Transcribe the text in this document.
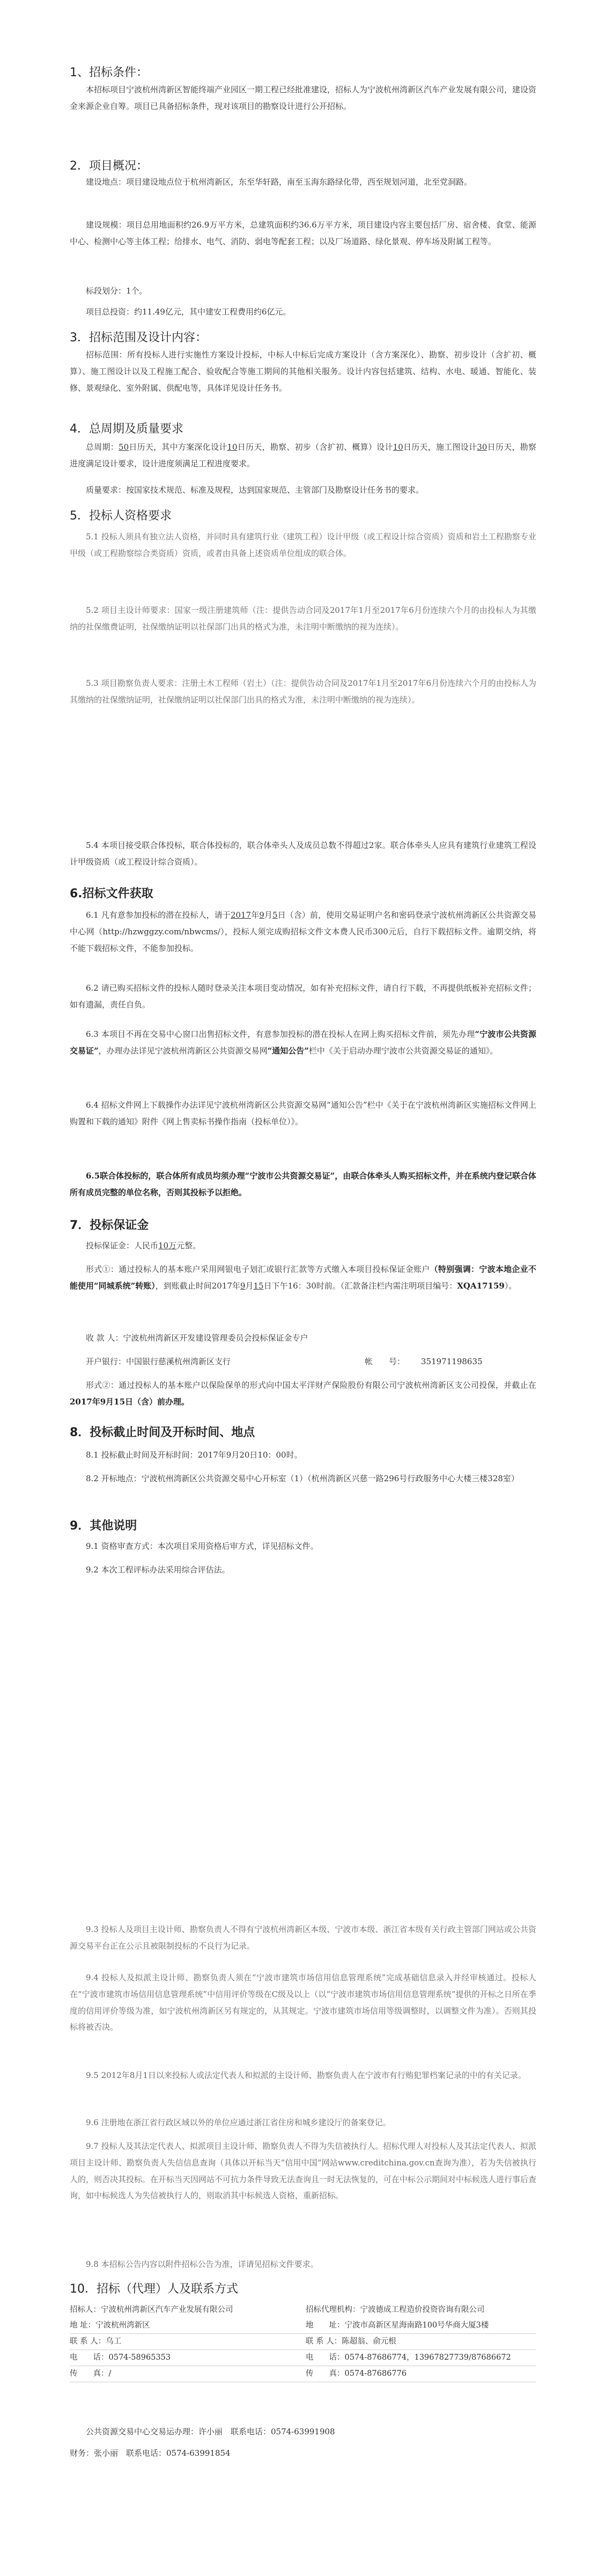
1、招标条件：

本招标项目宁波杭州湾新区智能终端产业园区一期工程已经批准建设，招标人为宁波杭州湾新区汽车产业发展有限公司，建设资金来源企业自筹。项目已具备招标条件，现对该项目的勘察设计进行公开招标。

2．项目概况：

建设地点：项目建设地点位于杭州湾新区，东至华轩路，南至玉海东路绿化带，西至规划河道，北至党洞路。

建设规模：项目总用地面积约26.9万平方米，总建筑面积约36.6万平方米，项目建设内容主要包括厂房、宿舍楼、食堂、能源中心、检测中心等主体工程；给排水、电气、消防、弱电等配套工程；以及厂场道路、绿化景观、停车场及附属工程等。

标段划分：1个。

项目总投资：约11.49亿元，其中建安工程费用约6亿元。

3．招标范围及设计内容：

招标范围：所有投标人进行实施性方案设计投标，中标人中标后完成方案设计（含方案深化）、勘察、初步设计（含扩初、概算）、施工图设计以及工程施工配合、验收配合等施工期间的其他相关服务。设计内容包括建筑、结构、水电、暖通、智能化、装修、景观绿化、室外附属、供配电等，具体详见设计任务书。

4．总周期及质量要求

总周期：50日历天，其中方案深化设计10日历天，勘察、初步（含扩初、概算）设计10日历天，施工图设计30日历天，勘察进度满足设计要求，设计进度须满足工程进度要求。

质量要求：按国家技术规范、标准及规程，达到国家规范、主管部门及勘察设计任务书的要求。

5．投标人资格要求

5.1 投标人须具有独立法人资格，并同时具有建筑行业（建筑工程）设计甲级（或工程设计综合资质）资质和岩土工程勘察专业甲级（或工程勘察综合类资质）资质，或者由具备上述资质单位组成的联合体。

5.2 项目主设计师要求：国家一级注册建筑师（注：提供告动合同及2017年1月至2017年6月份连续六个月的由投标人为其缴纳的社保缴费证明，社保缴纳证明以社保部门出具的格式为准，未注明中断缴纳的视为连续）。

5.3 项目勘察负责人要求：注册土木工程师（岩土）（注：提供告动合同及2017年1月至2017年6月份连续六个月的由投标人为其缴纳的社保缴纳证明，社保缴纳证明以社保部门出具的格式为准，未注明中断缴纳的视为连续）。

5.4 本项目接受联合体投标，联合体投标的，联合体牵头人及成员总数不得超过2家。联合体牵头人应具有建筑行业建筑工程设计甲级资质（或工程设计综合资质）。

6.招标文件获取

6.1 凡有意参加投标的潜在投标人，请于2017年9月5日（含）前，使用交易证明户名和密码登录宁波杭州湾新区公共资源交易中心网（http://hzwggzy.com/nbwcms/），投标人须完成购招标文件文本费人民币300元后，自行下载招标文件。逾期交纳，将不能下载招标文件，不能参加投标。

6.2 请已购买招标文件的投标人随时登录关注本项目变动情况，如有补充招标文件，请自行下载，不再提供纸板补充招标文件；如有遗漏，责任自负。

6.3 本项目不再在交易中心窗口出售招标文件，有意参加投标的潜在投标人在网上购买招标文件前，须先办理“宁波市公共资源交易证”，办理办法详见宁波杭州湾新区公共资源交易网“通知公告”栏中《关于启动办理宁波市公共资源交易证的通知》。

6.4 招标文件网上下载操作办法详见宁波杭州湾新区公共资源交易网“通知公告”栏中《关于在宁波杭州湾新区实施招标文件网上购置和下载的通知》附件《网上售卖标书操作指南（投标单位）》。

6.5联合体投标的，联合体所有成员均须办理“宁波市公共资源交易证”，由联合体牵头人购买招标文件，并在系统内登记联合体所有成员完整的单位名称，否则其投标予以拒绝。

7．投标保证金

投标保证金：人民币10万元整。

形式①：通过投标人的基本账户采用网银电子划汇或银行汇款等方式缴入本项目投标保证金账户（特别强调：宁波本地企业不能使用“同城系统”转账），到账截止时间2017年9月15日下午16：30时前。（汇款备注栏内需注明项目编号：XQA17159）。

收 款 人：宁波杭州湾新区开发建设管理委员会投标保证金专户

开户银行：中国银行慈溪杭州湾新区支行	帐　　号：	351971198635

形式②：通过投标人的基本账户以保险保单的形式向中国太平洋财产保险股份有限公司宁波杭州湾新区支公司投保，并截止在2017年9月15日（含）前办理。

8．投标截止时间及开标时间、地点

8.1 投标截止时间及开标时间：2017年9月20日10：00时。

8.2 开标地点：宁波杭州湾新区公共资源交易中心开标室（1）（杭州湾新区兴慈一路296号行政服务中心大楼三楼328室）

9．其他说明

9.1 资格审查方式：本次项目采用资格后审方式，详见招标文件。

9.2 本次工程评标办法采用综合评估法。

9.3 投标人及项目主设计师、勘察负责人不得有宁波杭州湾新区本级、宁波市本级、浙江省本级有关行政主管部门网站或公共资源交易平台正在公示且被限制投标的不良行为记录。

9.4 投标人及拟派主设计师、勘察负责人须在“宁波市建筑市场信用信息管理系统”完成基础信息录入并经审核通过。投标人在“宁波市建筑市场信用信息管理系统”中信用评价等级在C级及以上（以“宁波市建筑市场信用信息管理系统”提供的开标之日所在季度的信用评价等级为准，如宁波杭州湾新区另有规定的，从其规定。宁波市建筑市场信用等级调整时，以调整文件为准）。否则其投标将被否决。

9.5 2012年8月1日以来投标人或法定代表人和拟派的主设计师、勘察负责人在宁波市有行贿犯罪档案记录的中的有关记录。

9.6 注册地在浙江省行政区域以外的单位应通过浙江省住房和城乡建设厅的备案登记。

9.7 投标人及其法定代表人、拟派项目主设计师、勘察负责人不得为失信被执行人。招标代理人对投标人及其法定代表人、拟派项目主设计师、勘察负责人失信信息查询（具体以开标当天“信用中国”网站www.creditchina.gov.cn查询为准），若为失信被执行人的，则否决其投标。在开标当天因网站不可抗力条件导致无法查询且一时无法恢复的，可在中标公示期间对中标候选人进行事后查询，如中标候选人为失信被执行人的，则取消其中标候选人资格，重新招标。

9.8 本招标公告内容以附件招标公告为准，详请见招标文件要求。

10．招标（代理）人及联系方式
招标人：宁波杭州湾新区汽车产业发展有限公司	招标代理机构：宁波德成工程造价投资咨询有限公司
地 址：宁波杭州湾新区	地　　址：宁波市高新区星海南路100号华商大厦3楼
联 系 人：乌工	联 系 人：陈超翁、俞元根
电　　话：0574-58965353	电　　话：0574-87686774，13967827739/87686672
传　　真：/	传　　真：0574-87686776

公共资源交易中心交易运办理：许小丽　联系电话：0574-63991908

财务：张小丽　联系电话：0574-63991854
